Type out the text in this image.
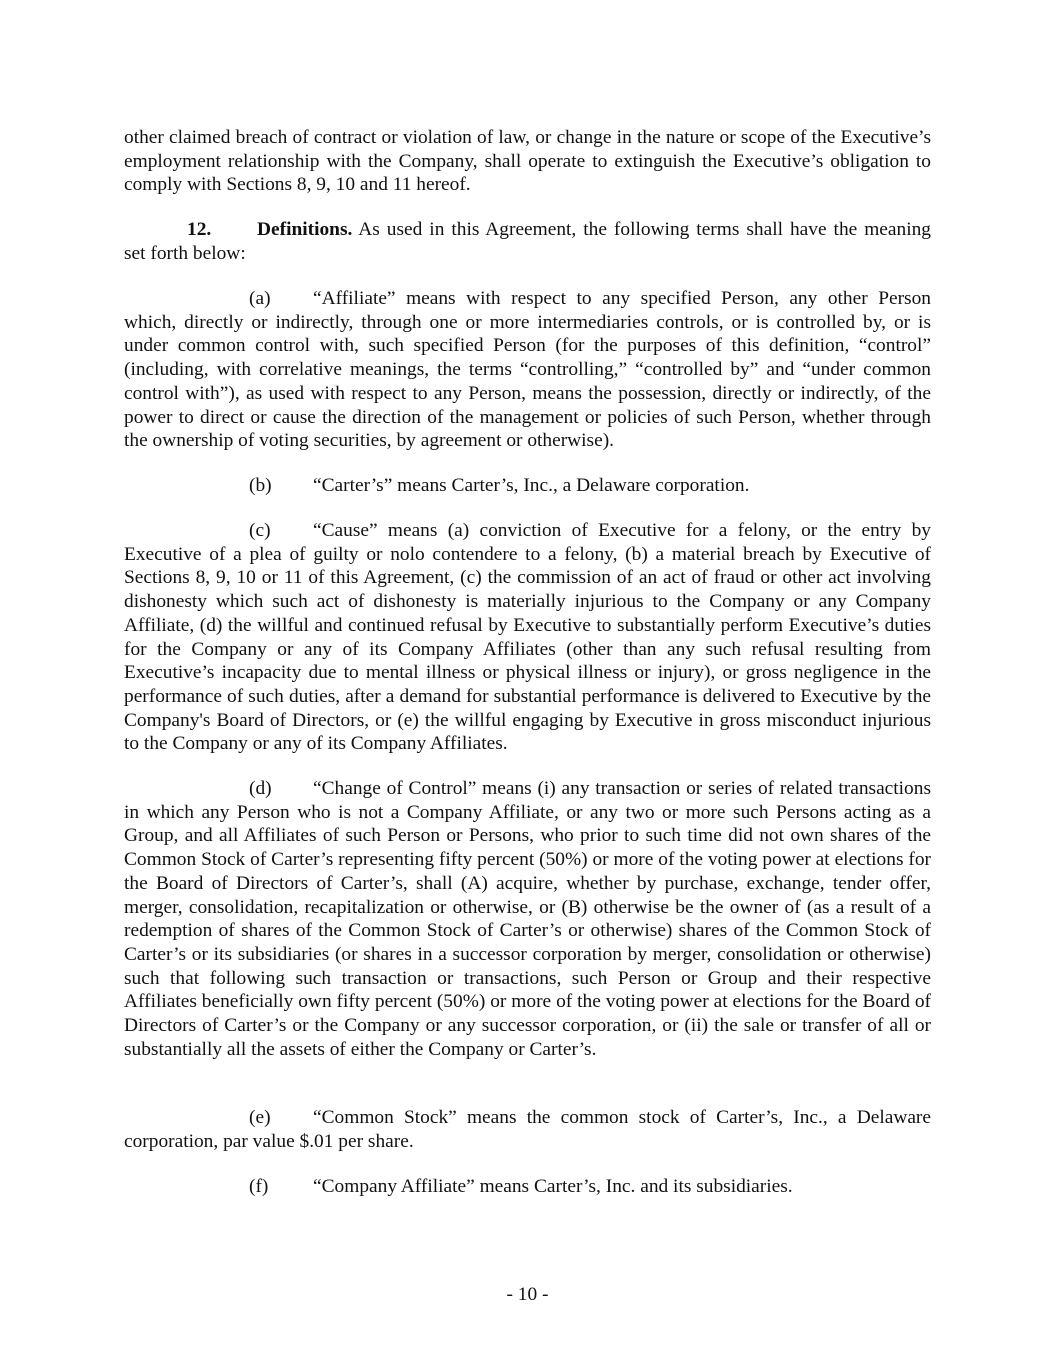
other claimed breach of contract or violation of law, or change in the nature or scope of the Executive’s employment relationship with the Company, shall operate to extinguish the Executive’s obligation to comply with Sections 8, 9, 10 and 11 hereof.

12. Definitions. As used in this Agreement, the following terms shall have the meaning set forth below:

(a) “Affiliate” means with respect to any specified Person, any other Person which, directly or indirectly, through one or more intermediaries controls, or is controlled by, or is under common control with, such specified Person (for the purposes of this definition, “control” (including, with correlative meanings, the terms “controlling,” “controlled by” and “under common control with”), as used with respect to any Person, means the possession, directly or indirectly, of the power to direct or cause the direction of the management or policies of such Person, whether through the ownership of voting securities, by agreement or otherwise).

(b) “Carter’s” means Carter’s, Inc., a Delaware corporation.

(c) “Cause” means (a) conviction of Executive for a felony, or the entry by Executive of a plea of guilty or nolo contendere to a felony, (b) a material breach by Executive of Sections 8, 9, 10 or 11 of this Agreement, (c) the commission of an act of fraud or other act involving dishonesty which such act of dishonesty is materially injurious to the Company or any Company Affiliate, (d) the willful and continued refusal by Executive to substantially perform Executive’s duties for the Company or any of its Company Affiliates (other than any such refusal resulting from Executive’s incapacity due to mental illness or physical illness or injury), or gross negligence in the performance of such duties, after a demand for substantial performance is delivered to Executive by the Company's Board of Directors, or (e) the willful engaging by Executive in gross misconduct injurious to the Company or any of its Company Affiliates.

(d) “Change of Control” means (i) any transaction or series of related transactions in which any Person who is not a Company Affiliate, or any two or more such Persons acting as a Group, and all Affiliates of such Person or Persons, who prior to such time did not own shares of the Common Stock of Carter’s representing fifty percent (50%) or more of the voting power at elections for the Board of Directors of Carter’s, shall (A) acquire, whether by purchase, exchange, tender offer, merger, consolidation, recapitalization or otherwise, or (B) otherwise be the owner of (as a result of a redemption of shares of the Common Stock of Carter’s or otherwise) shares of the Common Stock of Carter’s or its subsidiaries (or shares in a successor corporation by merger, consolidation or otherwise) such that following such transaction or transactions, such Person or Group and their respective Affiliates beneficially own fifty percent (50%) or more of the voting power at elections for the Board of Directors of Carter’s or the Company or any successor corporation, or (ii) the sale or transfer of all or substantially all the assets of either the Company or Carter’s.

(e) “Common Stock” means the common stock of Carter’s, Inc., a Delaware corporation, par value $.01 per share.

(f) “Company Affiliate” means Carter’s, Inc. and its subsidiaries.

- 10 -
